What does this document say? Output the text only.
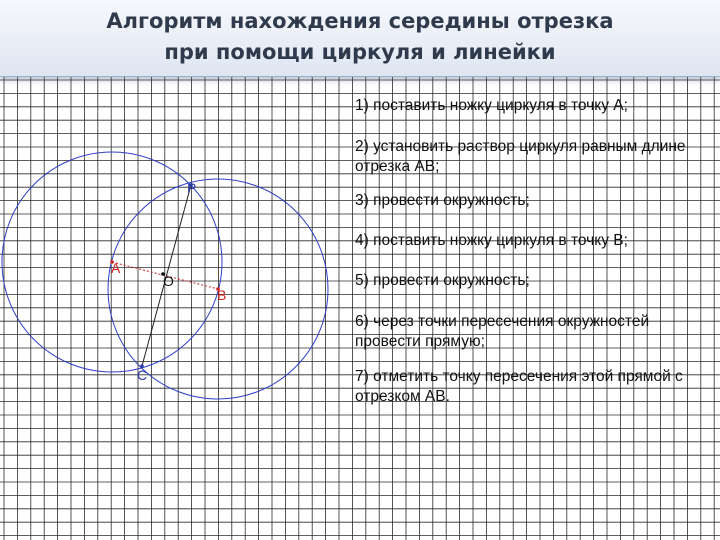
Алгоритм нахождения середины отрезка
при помощи циркуля и линейки
А
В
О
Р
С
1) поставить ножку циркуля в точку А;
2) установить раствор циркуля равным длине отрезка АВ;
3) провести окружность;
4) поставить ножку циркуля в точку В;
5) провести окружность;
6) через точки пересечения окружностей провести прямую;
7) отметить точку пересечения этой прямой с отрезком АВ.
